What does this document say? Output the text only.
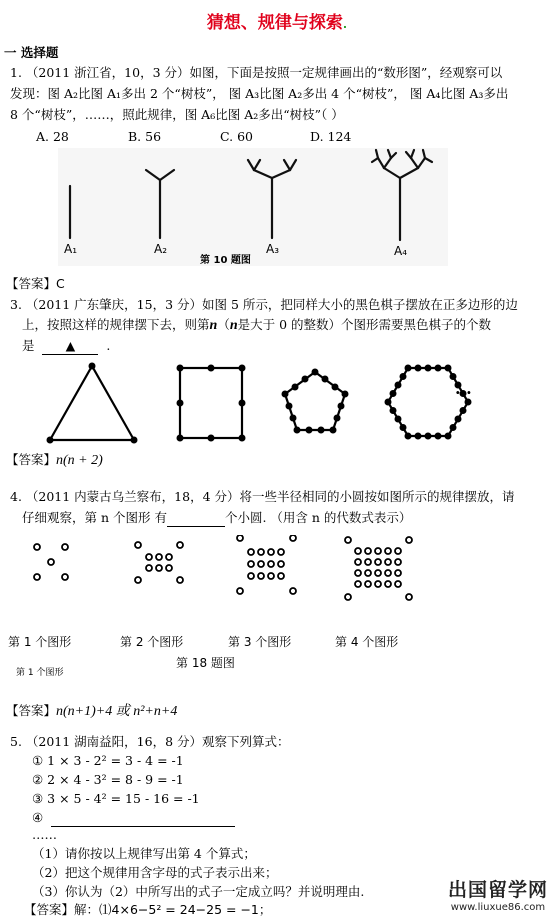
猜想、规律与探索.
一 选择题
1. （2011 浙江省，10，3 分）如图，下面是按照一定规律画出的“数形图”，经观察可以
发现：图 A₂比图 A₁多出 2 个“树枝”， 图 A₃比图 A₂多出 4 个“树枝”， 图 A₄比图 A₃多出
8 个“树枝”，……，照此规律，图 A₆比图 A₂多出“树枝”（ ）
A. 28	B. 56	C. 60	D. 124
A₁	A₂	A₃	A₄
第 10 题图
【答案】C
3. （2011 广东肇庆，15，3 分）如图 5 所示，把同样大小的黑色棋子摆放在正多边形的边
上，按照这样的规律摆下去，则第n（n是大于 0 的整数）个图形需要黑色棋子的个数
是 ▲ .
···
【答案】n(n + 2)
4. （2011 内蒙古乌兰察布，18，4 分）将一些半径相同的小圆按如图所示的规律摆放，请
仔细观察，第 n 个图形 有	个小圆. （用含 n 的代数式表示）
第 1 个图形	第 2 个图形	第 3 个图形	第 4 个图形
第 18 题图
第 1 个图形
【答案】n(n+1)+4 或 n²+n+4
5. （2011 湖南益阳，16，8 分）观察下列算式：
① 1 × 3 - 2² = 3 - 4 = -1
② 2 × 4 - 3² = 8 - 9 = -1
③ 3 × 5 - 4² = 15 - 16 = -1
④
……
（1）请你按以上规律写出第 4 个算式；
（2）把这个规律用含字母的式子表示出来；
（3）你认为（2）中所写出的式子一定成立吗？并说明理由.
【答案】解：⑴4×6−5² = 24−25 = −1；
出国留学网
www.liuxue86.com
